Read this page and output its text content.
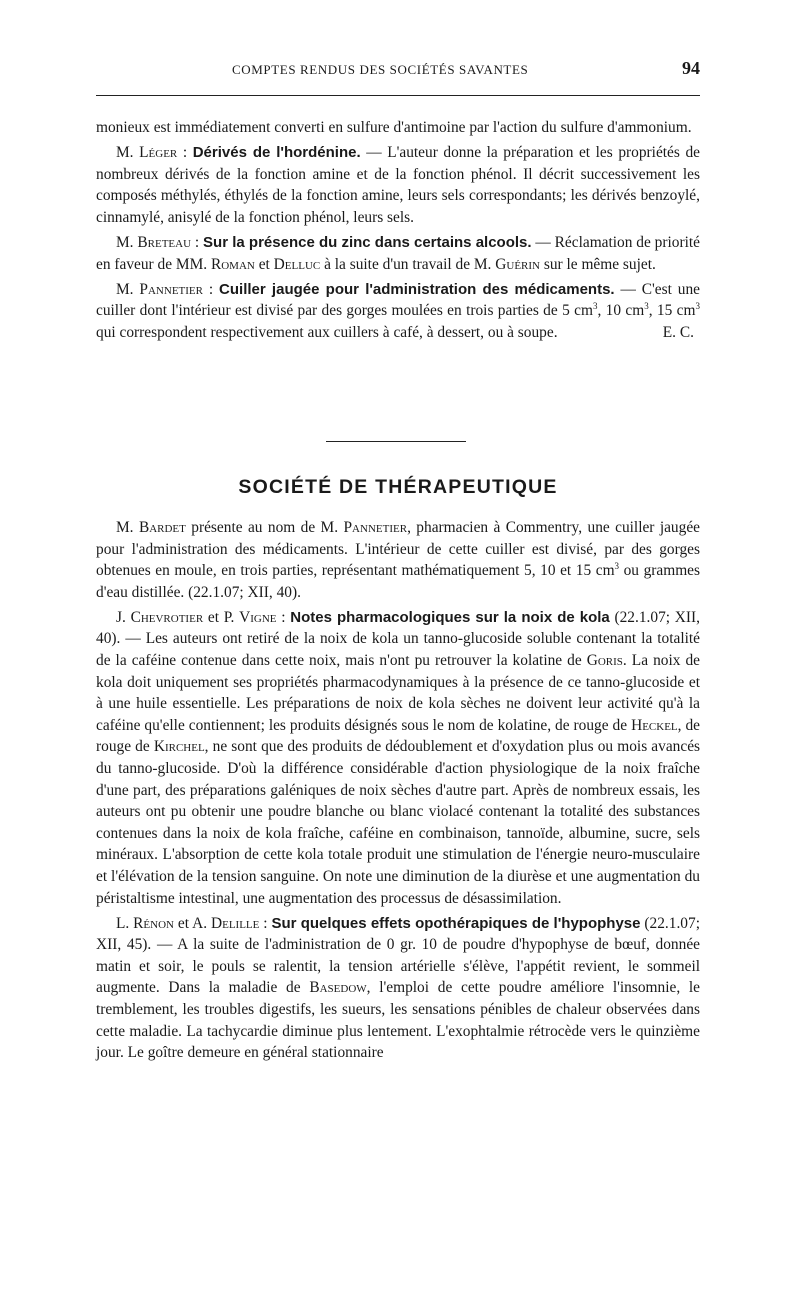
COMPTES RENDUS DES SOCIÉTÉS SAVANTES	94

monieux est immédiatement converti en sulfure d'antimoine par l'action du sulfure d'ammonium.

M. Léger : Dérivés de l'hordénine. — L'auteur donne la préparation et les propriétés de nombreux dérivés de la fonction amine et de la fonction phénol. Il décrit successivement les composés méthylés, éthylés de la fonction amine, leurs sels correspondants; les dérivés benzoylé, cinnamylé, anisylé de la fonction phénol, leurs sels.

M. Breteau : Sur la présence du zinc dans certains alcools. — Réclamation de priorité en faveur de MM. Roman et Delluc à la suite d'un travail de M. Guérin sur le même sujet.

M. Pannetier : Cuiller jaugée pour l'administration des médicaments. — C'est une cuiller dont l'intérieur est divisé par des gorges moulées en trois parties de 5 $cm^3$, 10 $cm^3$, 15 $cm^3$ qui correspondent respectivement aux cuillers à café, à dessert, ou à soupe.	E. C.

SOCIÉTÉ DE THÉRAPEUTIQUE

M. Bardet présente au nom de M. Pannetier, pharmacien à Commentry, une cuiller jaugée pour l'administration des médicaments. L'intérieur de cette cuiller est divisé, par des gorges obtenues en moule, en trois parties, représentant mathématiquement 5, 10 et 15 $cm^3$ ou grammes d'eau distillée. (22.1.07; XII, 40).

J. Chevrotier et P. Vigne : Notes pharmacologiques sur la noix de kola (22.1.07; XII, 40). — Les auteurs ont retiré de la noix de kola un tanno-glucoside soluble contenant la totalité de la caféine contenue dans cette noix, mais n'ont pu retrouver la kolatine de Goris. La noix de kola doit uniquement ses propriétés pharmacodynamiques à la présence de ce tanno-glucoside et à une huile essentielle. Les préparations de noix de kola sèches ne doivent leur activité qu'à la caféine qu'elle contiennent; les produits désignés sous le nom de kolatine, de rouge de Heckel, de rouge de Kirchel, ne sont que des produits de dédoublement et d'oxydation plus ou mois avancés du tanno-glucoside. D'où la différence considérable d'action physiologique de la noix fraîche d'une part, des préparations galéniques de noix sèches d'autre part. Après de nombreux essais, les auteurs ont pu obtenir une poudre blanche ou blanc violacé contenant la totalité des substances contenues dans la noix de kola fraîche, caféine en combinaison, tannoïde, albumine, sucre, sels minéraux. L'absorption de cette kola totale produit une stimulation de l'énergie neuro-musculaire et l'élévation de la tension sanguine. On note une diminution de la diurèse et une augmentation du péristaltisme intestinal, une augmentation des processus de désassimilation.

L. Rénon et A. Delille : Sur quelques effets opothérapiques de l'hypophyse (22.1.07; XII, 45). — A la suite de l'administration de 0 gr. 10 de poudre d'hypophyse de bœuf, donnée matin et soir, le pouls se ralentit, la tension artérielle s'élève, l'appétit revient, le sommeil augmente. Dans la maladie de Basedow, l'emploi de cette poudre améliore l'insomnie, le tremblement, les troubles digestifs, les sueurs, les sensations pénibles de chaleur observées dans cette maladie. La tachycardie diminue plus lentement. L'exophtalmie rétrocède vers le quinzième jour. Le goître demeure en général stationnaire
